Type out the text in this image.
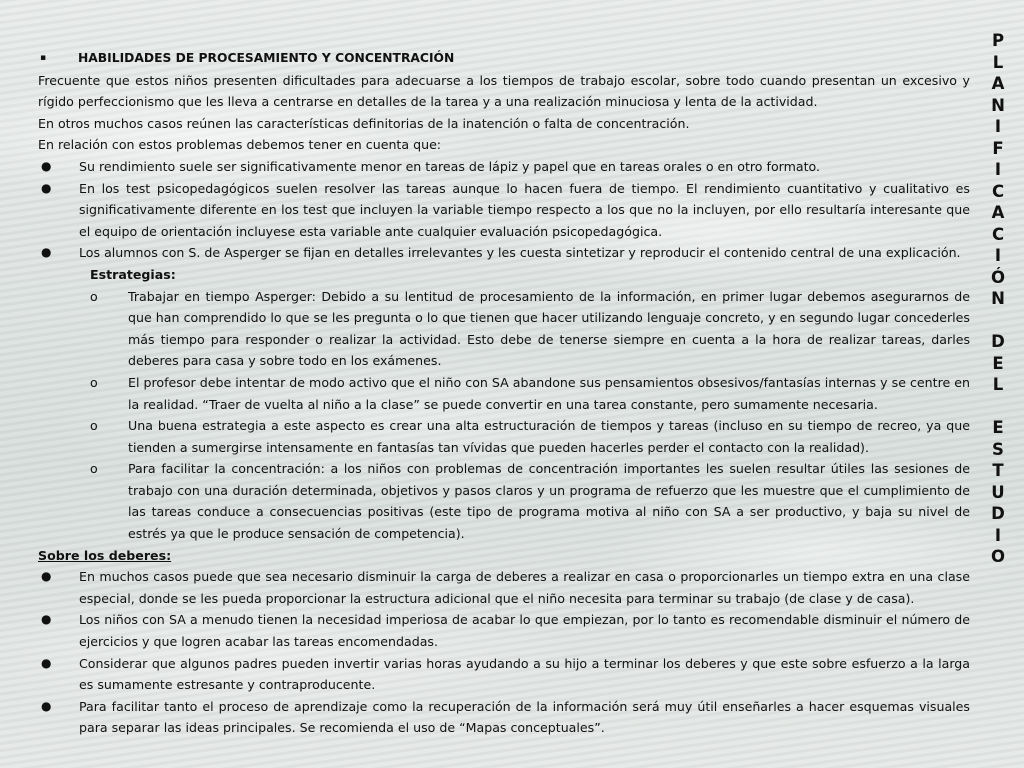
▪	HABILIDADES DE PROCESAMIENTO Y CONCENTRACIÓN

Frecuente que estos niños presenten dificultades para adecuarse a los tiempos de trabajo escolar, sobre todo cuando presentan un excesivo y rígido perfeccionismo que les lleva a centrarse en detalles de la tarea y a una realización minuciosa y lenta de la actividad.

En otros muchos casos reúnen las características definitorias de la inatención o falta de concentración.

En relación con estos problemas debemos tener en cuenta que:

●	Su rendimiento suele ser significativamente menor en tareas de lápiz y papel que en tareas orales o en otro formato.
●	En los test psicopedagógicos suelen resolver las tareas aunque lo hacen fuera de tiempo. El rendimiento cuantitativo y cualitativo es significativamente diferente en los test que incluyen la variable tiempo respecto a los que no la incluyen, por ello resultaría interesante que el equipo de orientación incluyese esta variable ante cualquier evaluación psicopedagógica.
●	Los alumnos con S. de Asperger se fijan en detalles irrelevantes y les cuesta sintetizar y reproducir el contenido central de una explicación.
Estrategias:
o	Trabajar en tiempo Asperger: Debido a su lentitud de procesamiento de la información, en primer lugar debemos asegurarnos de que han comprendido lo que se les pregunta o lo que tienen que hacer utilizando lenguaje concreto, y en segundo lugar concederles más tiempo para responder o realizar la actividad. Esto debe de tenerse siempre en cuenta a la hora de realizar tareas, darles deberes para casa y sobre todo en los exámenes.
o	El profesor debe intentar de modo activo que el niño con SA abandone sus pensamientos obsesivos/fantasías internas y se centre en la realidad. “Traer de vuelta al niño a la clase” se puede convertir en una tarea constante, pero sumamente necesaria.
o	Una buena estrategia a este aspecto es crear una alta estructuración de tiempos y tareas (incluso en su tiempo de recreo, ya que tienden a sumergirse intensamente en fantasías tan vívidas que pueden hacerles perder el contacto con la realidad).
o	Para facilitar la concentración: a los niños con problemas de concentración importantes les suelen resultar útiles las sesiones de trabajo con una duración determinada, objetivos y pasos claros y un programa de refuerzo que les muestre que el cumplimiento de las tareas conduce a consecuencias positivas (este tipo de programa motiva al niño con SA a ser productivo, y baja su nivel de estrés ya que le produce sensación de competencia).
Sobre los deberes:
●	En muchos casos puede que sea necesario disminuir la carga de deberes a realizar en casa o proporcionarles un tiempo extra en una clase especial, donde se les pueda proporcionar la estructura adicional que el niño necesita para terminar su trabajo (de clase y de casa).
●	Los niños con SA a menudo tienen la necesidad imperiosa de acabar lo que empiezan, por lo tanto es recomendable disminuir el número de ejercicios y que logren acabar las tareas encomendadas.
●	Considerar que algunos padres pueden invertir varias horas ayudando a su hijo a terminar los deberes y que este sobre esfuerzo a la larga es sumamente estresante y contraproducente.
●	Para facilitar tanto el proceso de aprendizaje como la recuperación de la información será muy útil enseñarles a hacer esquemas visuales para separar las ideas principales. Se recomienda el uso de “Mapas conceptuales”.
P
L
A
N
I
F
I
C
A
C
I
Ó
N
D
E
L
E
S
T
U
D
I
O
